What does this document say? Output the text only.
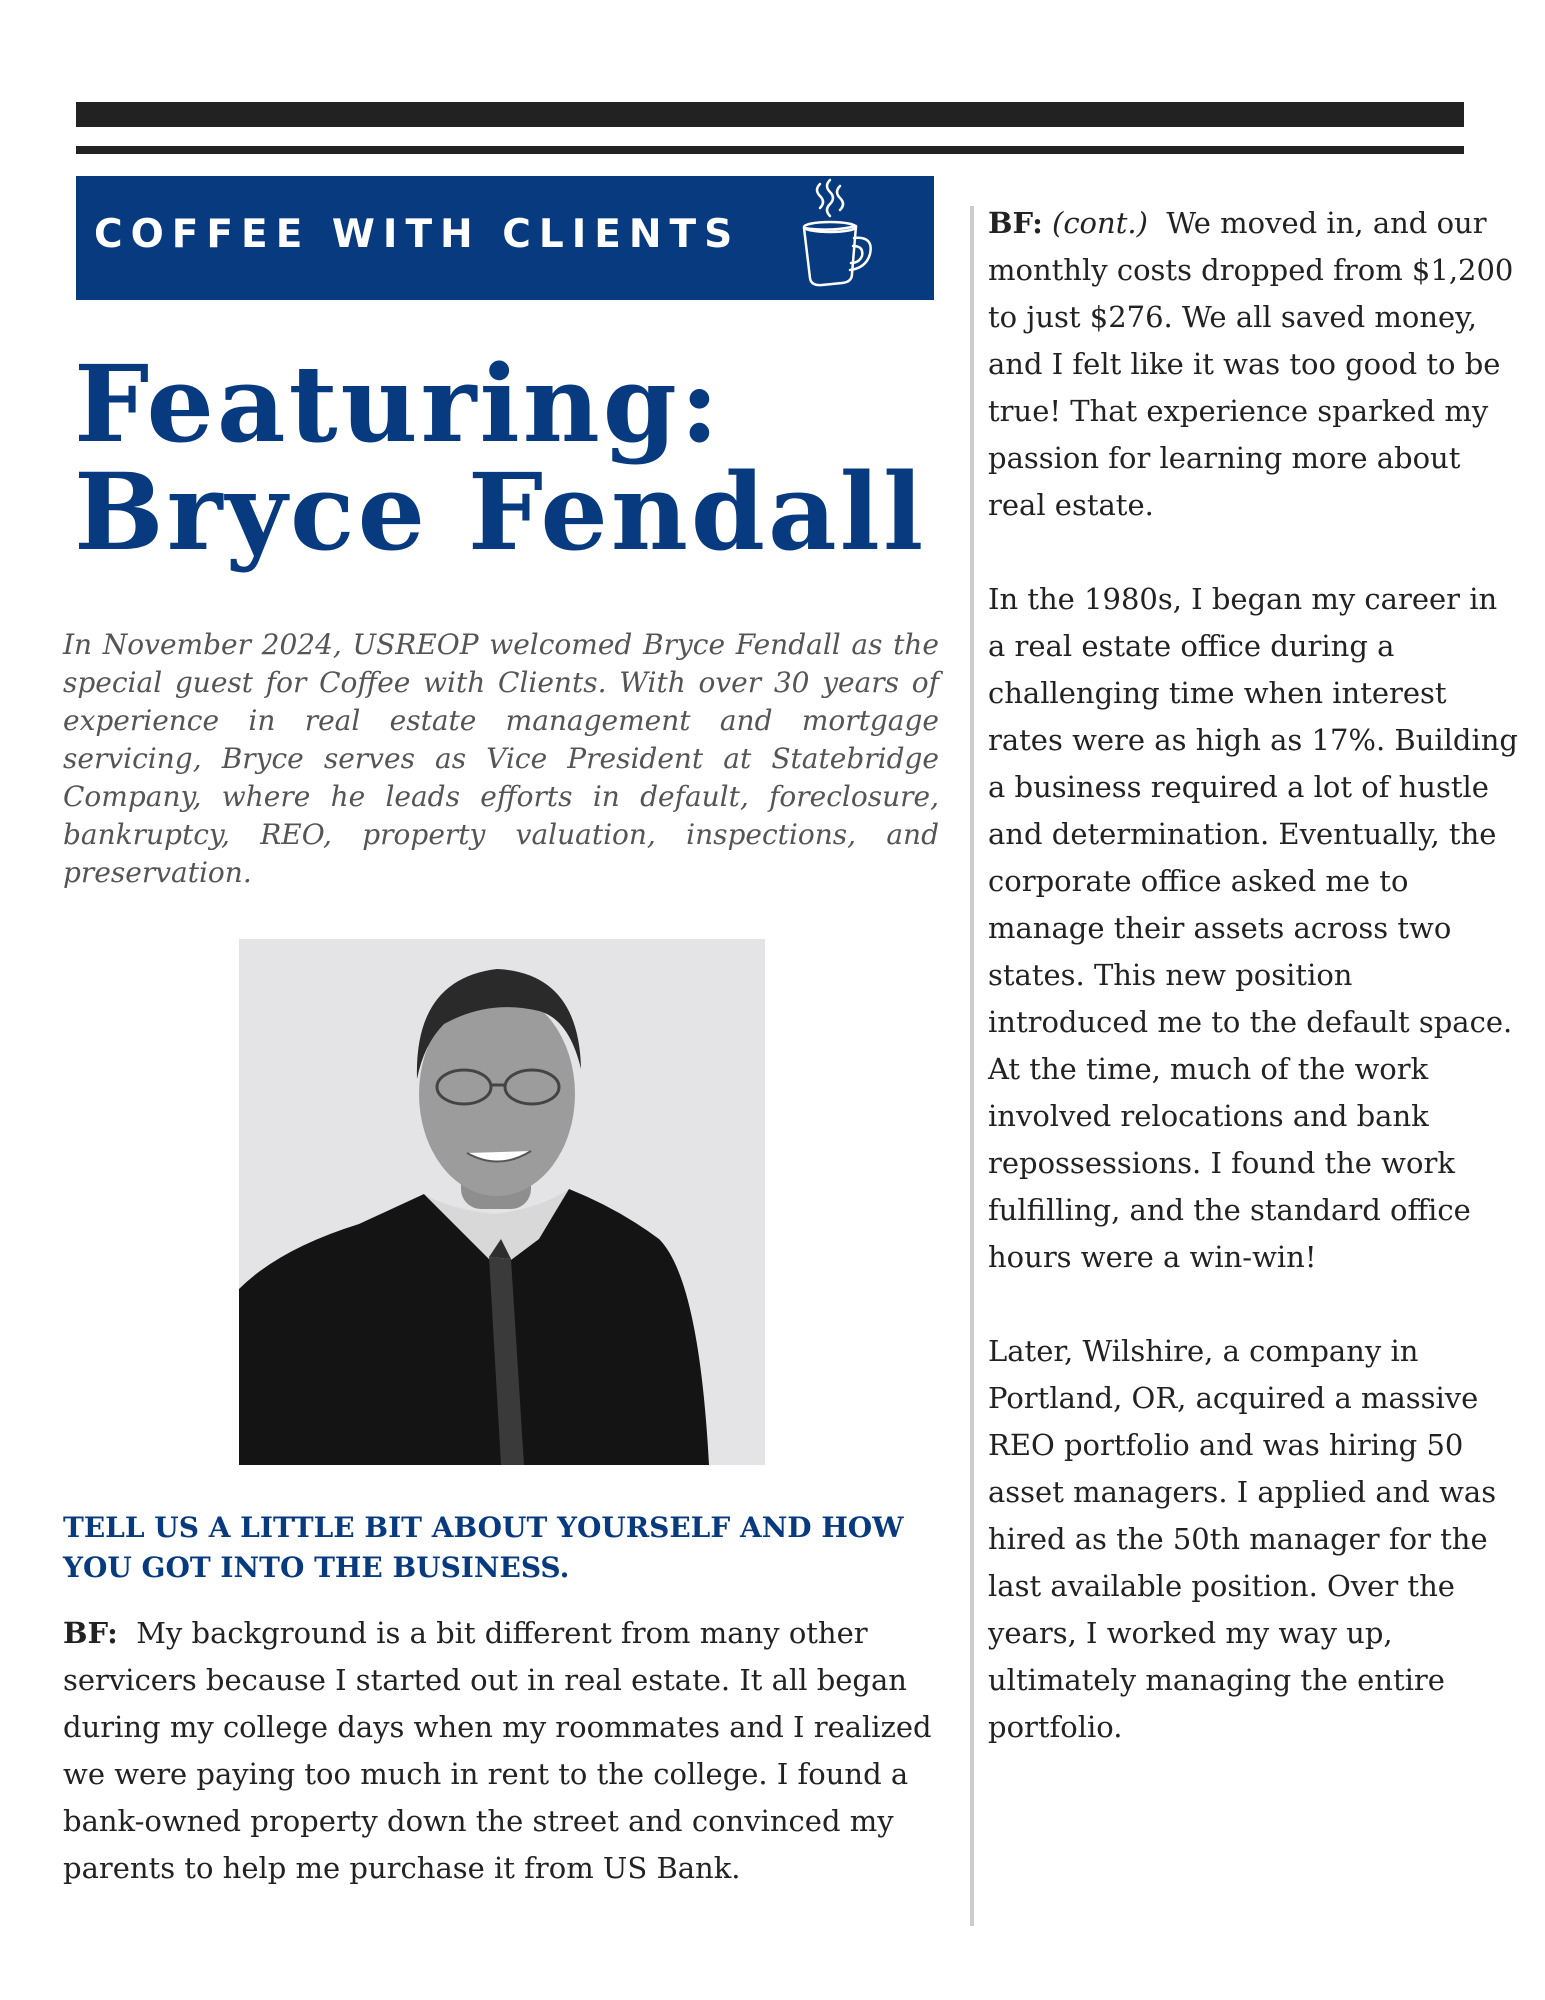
COFFEE WITH CLIENTS
Featuring:
Bryce Fendall

In November 2024, USREOP welcomed Bryce Fendall as the special guest for Coffee with Clients. With over 30 years of experience in real estate management and mortgage servicing, Bryce serves as Vice President at Statebridge Company, where he leads efforts in default, foreclosure, bankruptcy, REO, property valuation, inspections, and preservation.

TELL US A LITTLE BIT ABOUT YOURSELF AND HOW YOU GOT INTO THE BUSINESS.

BF: My background is a bit different from many other servicers because I started out in real estate. It all began during my college days when my roommates and I realized we were paying too much in rent to the college. I found a bank-owned property down the street and convinced my parents to help me purchase it from US Bank.

BF: (cont.) We moved in, and our monthly costs dropped from $1,200 to just $276. We all saved money, and I felt like it was too good to be true! That experience sparked my passion for learning more about real estate.

In the 1980s, I began my career in a real estate office during a challenging time when interest rates were as high as 17%. Building a business required a lot of hustle and determination. Eventually, the corporate office asked me to manage their assets across two states. This new position introduced me to the default space. At the time, much of the work involved relocations and bank repossessions. I found the work fulfilling, and the standard office hours were a win-win!

Later, Wilshire, a company in Portland, OR, acquired a massive REO portfolio and was hiring 50 asset managers. I applied and was hired as the 50th manager for the last available position. Over the years, I worked my way up, ultimately managing the entire portfolio.
